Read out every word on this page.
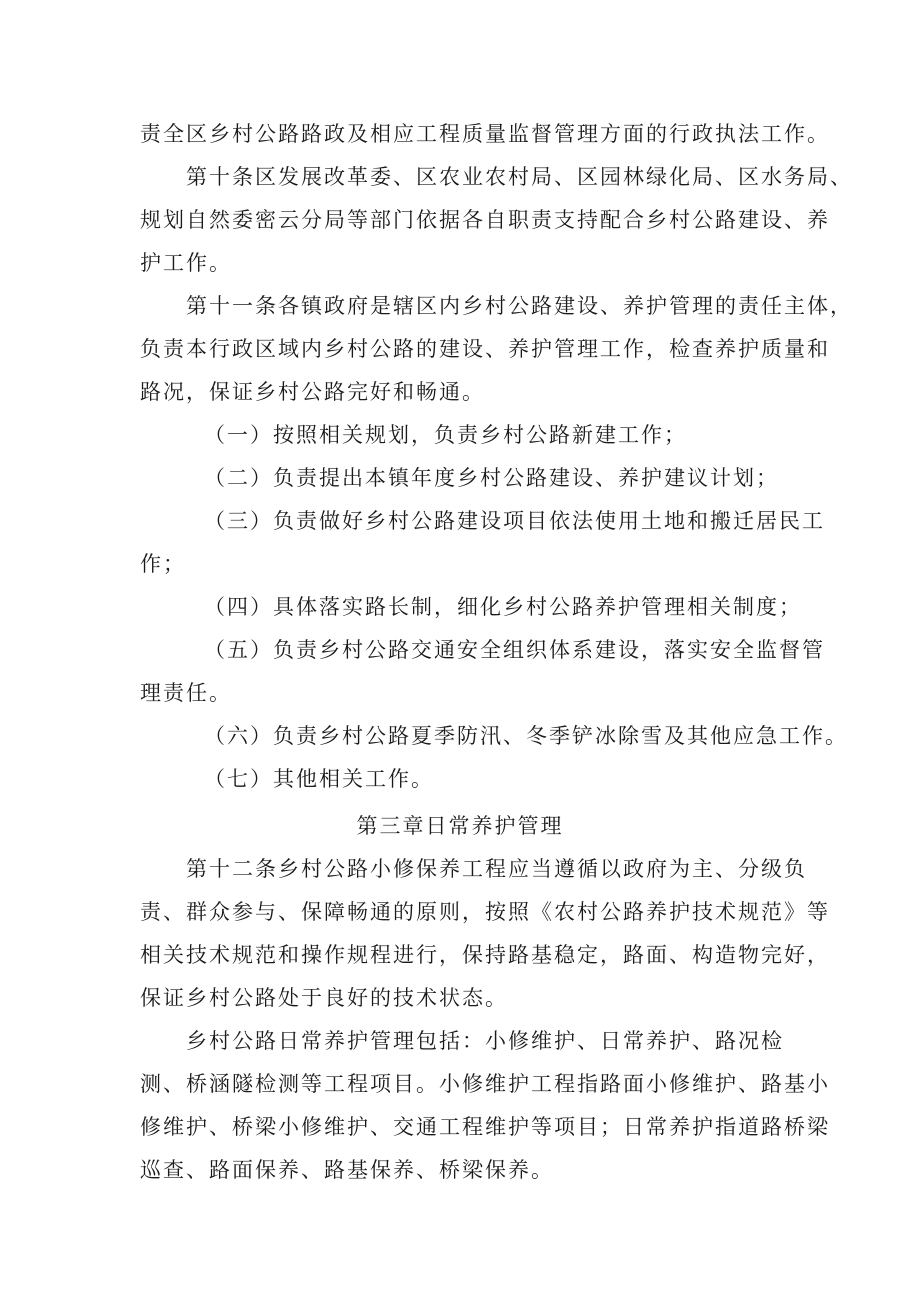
责全区乡村公路路政及相应工程质量监督管理方面的行政执法工作。
第十条区发展改革委、区农业农村局、区园林绿化局、区水务局、
规划自然委密云分局等部门依据各自职责支持配合乡村公路建设、养
护工作。
第十一条各镇政府是辖区内乡村公路建设、养护管理的责任主体，
负责本行政区域内乡村公路的建设、养护管理工作，检查养护质量和
路况，保证乡村公路完好和畅通。
（一）按照相关规划，负责乡村公路新建工作；
（二）负责提出本镇年度乡村公路建设、养护建议计划；
（三）负责做好乡村公路建设项目依法使用土地和搬迁居民工
作；
（四）具体落实路长制，细化乡村公路养护管理相关制度；
（五）负责乡村公路交通安全组织体系建设，落实安全监督管
理责任。
（六）负责乡村公路夏季防汛、冬季铲冰除雪及其他应急工作。
（七）其他相关工作。
第三章日常养护管理
第十二条乡村公路小修保养工程应当遵循以政府为主、分级负
责、群众参与、保障畅通的原则，按照《农村公路养护技术规范》等
相关技术规范和操作规程进行，保持路基稳定，路面、构造物完好，
保证乡村公路处于良好的技术状态。
乡村公路日常养护管理包括：小修维护、日常养护、路况检
测、桥涵隧检测等工程项目。小修维护工程指路面小修维护、路基小
修维护、桥梁小修维护、交通工程维护等项目；日常养护指道路桥梁
巡查、路面保养、路基保养、桥梁保养。
